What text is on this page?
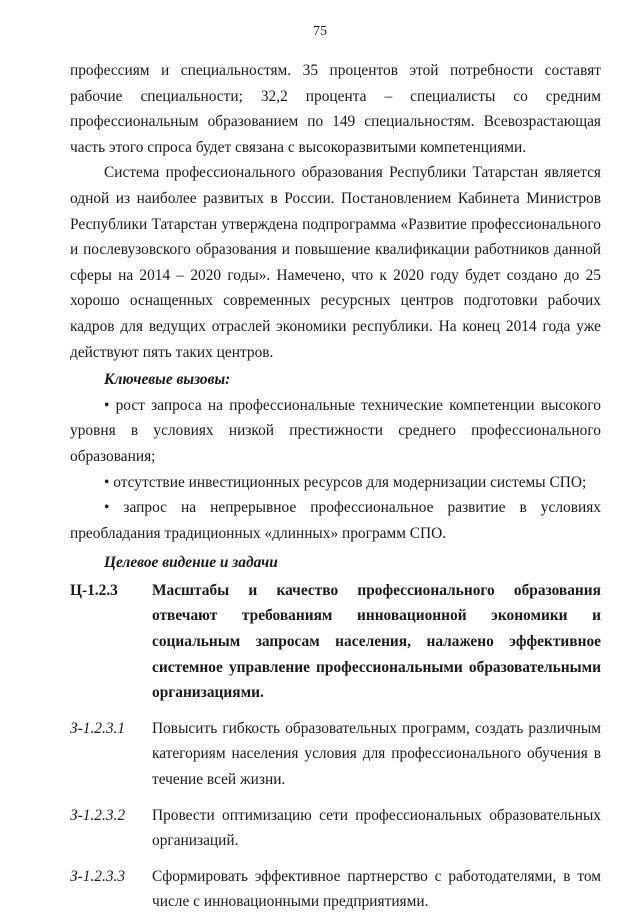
75

профессиям и специальностям. 35 процентов этой потребности составят рабочие специальности; 32,2 процента – специалисты со средним профессиональным образованием по 149 специальностям. Всевозрастающая часть этого спроса будет связана с высокоразвитыми компетенциями.

Система профессионального образования Республики Татарстан является одной из наиболее развитых в России. Постановлением Кабинета Министров Республики Татарстан утверждена подпрограмма «Развитие профессионального и послевузовского образования и повышение квалификации работников данной сферы на 2014 – 2020 годы». Намечено, что к 2020 году будет создано до 25 хорошо оснащенных современных ресурсных центров подготовки рабочих кадров для ведущих отраслей экономики республики. На конец 2014 года уже действуют пять таких центров.

Ключевые вызовы:

• рост запроса на профессиональные технические компетенции высокого уровня в условиях низкой престижности среднего профессионального образования;

• отсутствие инвестиционных ресурсов для модернизации системы СПО;

• запрос на непрерывное профессиональное развитие в условиях преобладания традиционных «длинных» программ СПО.

Целевое видение и задачи

Ц-1.2.3	Масштабы и качество профессионального образования отвечают требованиям инновационной экономики и социальным запросам населения, налажено эффективное системное управление профессиональными образовательными организациями.
З-1.2.3.1	Повысить гибкость образовательных программ, создать различным категориям населения условия для профессионального обучения в течение всей жизни.
З-1.2.3.2	Провести оптимизацию сети профессиональных образовательных организаций.
З-1.2.3.3	Сформировать эффективное партнерство с работодателями, в том числе с инновационными предприятиями.
